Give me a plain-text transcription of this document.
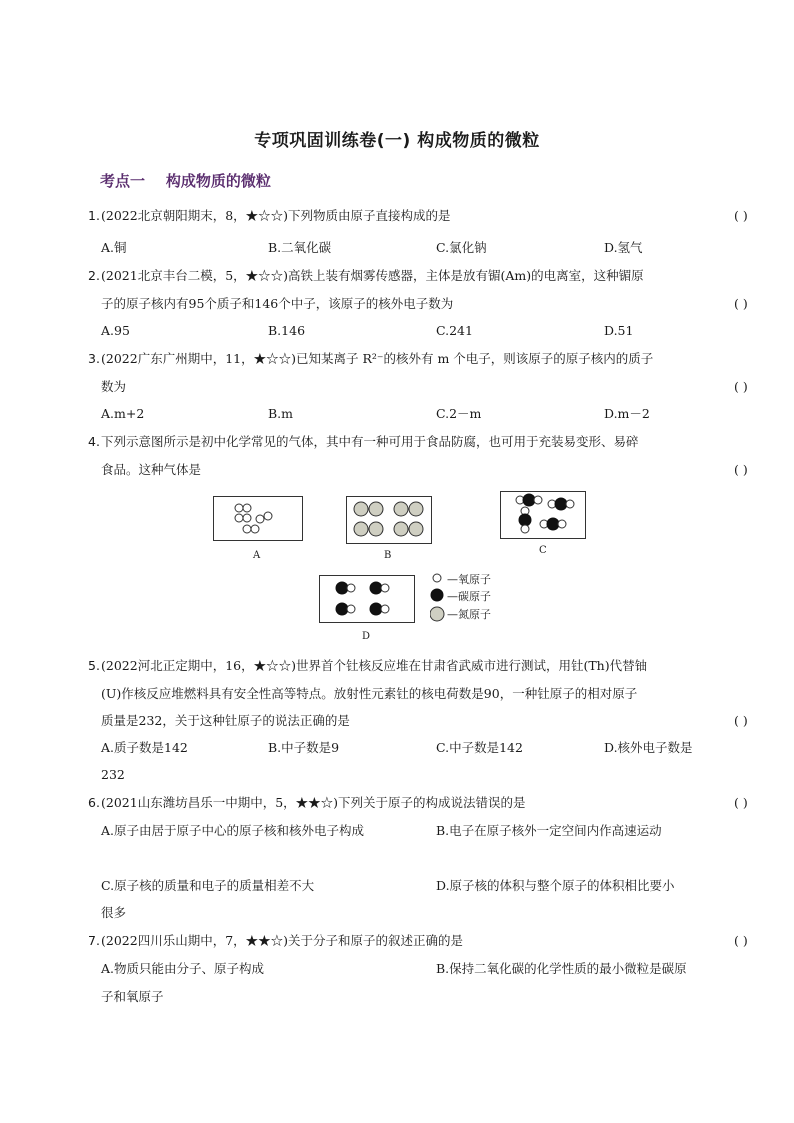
专项巩固训练卷(一) 构成物质的微粒
考点一    构成物质的微粒
1. (2022北京朝阳期末，8，★☆☆)下列物质由原子直接构成的是	( )
A.铜	B.二氧化碳	C.氯化钠	D.氢气
2. (2021北京丰台二模，5，★☆☆)高铁上装有烟雾传感器，主体是放有镅(Am)的电离室，这种镅原
子的原子核内有95个质子和146个中子，该原子的核外电子数为	( )
A.95	B.146	C.241	D.51
3. (2022广东广州期中，11，★☆☆)已知某离子 R²⁻的核外有 m 个电子，则该原子的原子核内的质子
数为	( )
A.m+2	B.m	C.2－m	D.m－2
4. 下列示意图所示是初中化学常见的气体，其中有一种可用于食品防腐，也可用于充装易变形、易碎
食品。这种气体是	( )
A	B	C
D
—氧原子
—碳原子
—氮原子
5. (2022河北正定期中，16，★☆☆)世界首个钍核反应堆在甘肃省武威市进行测试，用钍(Th)代替铀
(U)作核反应堆燃料具有安全性高等特点。放射性元素钍的核电荷数是90，一种钍原子的相对原子
质量是232，关于这种钍原子的说法正确的是	( )
A.质子数是142	B.中子数是9	C.中子数是142	D.核外电子数是
232
6. (2021山东潍坊昌乐一中期中，5，★★☆)下列关于原子的构成说法错误的是	( )
A.原子由居于原子中心的原子核和核外电子构成	B.电子在原子核外一定空间内作高速运动
C.原子核的质量和电子的质量相差不大	D.原子核的体积与整个原子的体积相比要小
很多
7. (2022四川乐山期中，7，★★☆)关于分子和原子的叙述正确的是	( )
A.物质只能由分子、原子构成	B.保持二氧化碳的化学性质的最小微粒是碳原
子和氧原子
